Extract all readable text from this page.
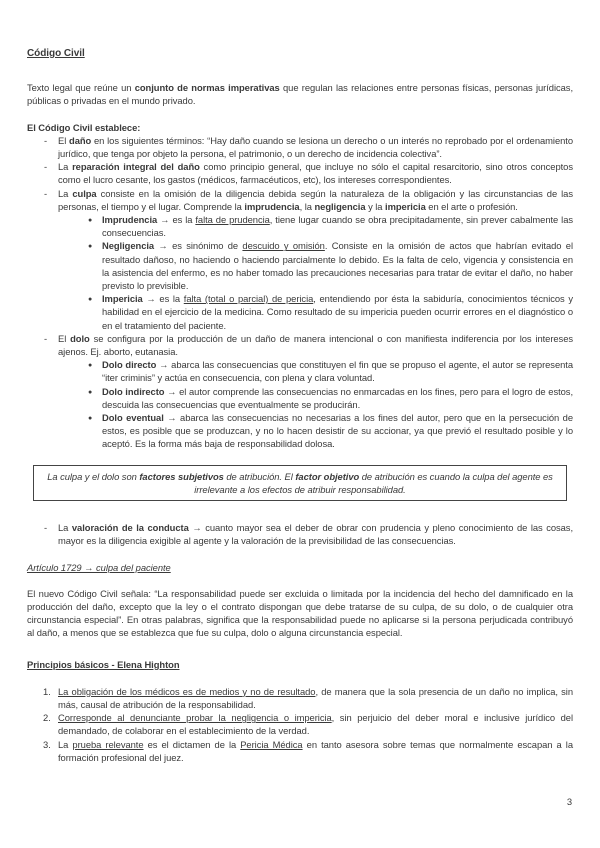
Código Civil

Texto legal que reúne un conjunto de normas imperativas que regulan las relaciones entre personas físicas, personas jurídicas, públicas o privadas en el mundo privado.

El Código Civil establece:

- El daño en los siguientes términos: “Hay daño cuando se lesiona un derecho o un interés no reprobado por el ordenamiento jurídico, que tenga por objeto la persona, el patrimonio, o un derecho de incidencia colectiva”.
- La reparación integral del daño como principio general, que incluye no sólo el capital resarcitorio, sino otros conceptos como el lucro cesante, los gastos (médicos, farmacéuticos, etc), los intereses correspondientes.
- La culpa consiste en la omisión de la diligencia debida según la naturaleza de la obligación y las circunstancias de las personas, el tiempo y el lugar. Comprende la imprudencia, la negligencia y la impericia en el arte o profesión.
● Imprudencia → es la falta de prudencia, tiene lugar cuando se obra precipitadamente, sin prever cabalmente las consecuencias.
● Negligencia → es sinónimo de descuido y omisión. Consiste en la omisión de actos que habrían evitado el resultado dañoso, no haciendo o haciendo parcialmente lo debido. Es la falta de celo, vigencia y consistencia en la asistencia del enfermo, es no haber tomado las precauciones necesarias para tratar de evitar el daño, no haber previsto lo previsible.
● Impericia → es la falta (total o parcial) de pericia, entendiendo por ésta la sabiduría, conocimientos técnicos y habilidad en el ejercicio de la medicina. Como resultado de su impericia pueden ocurrir errores en el diagnóstico o en el tratamiento del paciente.
- El dolo se configura por la producción de un daño de manera intencional o con manifiesta indiferencia por los intereses ajenos. Ej. aborto, eutanasia.
● Dolo directo → abarca las consecuencias que constituyen el fin que se propuso el agente, el autor se representa “iter criminis” y actúa en consecuencia, con plena y clara voluntad.
● Dolo indirecto → el autor comprende las consecuencias no enmarcadas en los fines, pero para el logro de estos, descuida las consecuencias que eventualmente se producirán.
● Dolo eventual → abarca las consecuencias no necesarias a los fines del autor, pero que en la persecución de estos, es posible que se produzcan, y no lo hacen desistir de su accionar, ya que previó el resultado posible y lo aceptó. Es la forma más baja de responsabilidad dolosa.

La culpa y el dolo son factores subjetivos de atribución. El factor objetivo de atribución es cuando la culpa del agente es irrelevante a los efectos de atribuir responsabilidad.

- La valoración de la conducta → cuanto mayor sea el deber de obrar con prudencia y pleno conocimiento de las cosas, mayor es la diligencia exigible al agente y la valoración de la previsibilidad de las consecuencias.

Artículo 1729 → culpa del paciente

El nuevo Código Civil señala: “La responsabilidad puede ser excluida o limitada por la incidencia del hecho del damnificado en la producción del daño, excepto que la ley o el contrato dispongan que debe tratarse de su culpa, de su dolo, o de cualquier otra circunstancia especial”. En otras palabras, significa que la responsabilidad puede no aplicarse si la persona perjudicada contribuyó al daño, a menos que se establezca que fue su culpa, dolo o alguna circunstancia especial.

Principios básicos - Elena Highton

1. La obligación de los médicos es de medios y no de resultado, de manera que la sola presencia de un daño no implica, sin más, causal de atribución de la responsabilidad.
2. Corresponde al denunciante probar la negligencia o impericia, sin perjuicio del deber moral e inclusive jurídico del demandado, de colaborar en el establecimiento de la verdad.
3. La prueba relevante es el dictamen de la Pericia Médica en tanto asesora sobre temas que normalmente escapan a la formación profesional del juez.
3
